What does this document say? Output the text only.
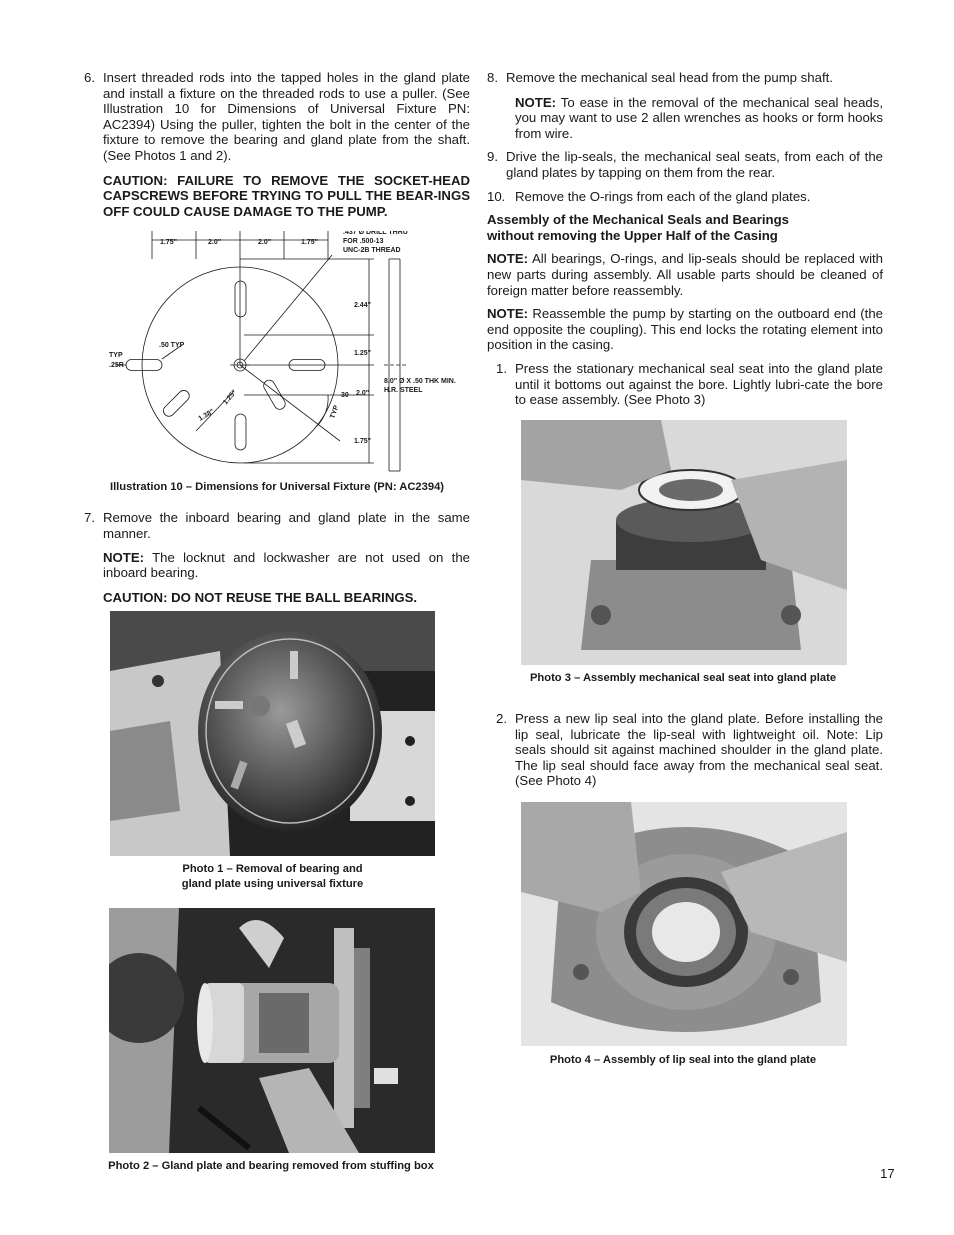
6. Insert threaded rods into the tapped holes in the gland plate and install a fixture on the threaded rods to use a puller. (See Illustration 10 for Dimensions of Universal Fixture PN: AC2394) Using the puller, tighten the bolt in the center of the fixture to remove the bearing and gland plate from the shaft. (See Photos 1 and 2).

CAUTION: FAILURE TO REMOVE THE SOCKET-HEAD CAPSCREWS BEFORE TRYING TO PULL THE BEAR-INGS OFF COULD CAUSE DAMAGE TO THE PUMP.

1.75"	2.0"	2.0"	1.75"
.437 Ø DRILL THRU
FOR .500-13
UNC-2B THREAD
2.44"
1.25"
2.0"
1.75"
.50 TYP
TYP
.25R
8.0" Ø X .50 THK MIN.
H.R. STEEL
30
TYP
1.38"
1.25"

Illustration 10 – Dimensions for Universal Fixture (PN: AC2394)

7. Remove the inboard bearing and gland plate in the same manner.

NOTE: The locknut and lockwasher are not used on the inboard bearing.

CAUTION: DO NOT REUSE THE BALL BEARINGS.

Photo 1 – Removal of bearing and

gland plate using universal fixture

Photo 2 – Gland plate and bearing removed from stuffing box

8. Remove the mechanical seal head from the pump shaft.

NOTE: To ease in the removal of the mechanical seal heads, you may want to use 2 allen wrenches as hooks or form hooks from wire.

9. Drive the lip-seals, the mechanical seal seats, from each of the gland plates by tapping on them from the rear.

10. Remove the O-rings from each of the gland plates.

Assembly of the Mechanical Seals and Bearings
without removing the Upper Half of the Casing

NOTE: All bearings, O-rings, and lip-seals should be replaced with new parts during assembly. All usable parts should be cleaned of foreign matter before reassembly.

NOTE: Reassemble the pump by starting on the outboard end (the end opposite the coupling). This end locks the rotating element into position in the casing.

1. Press the stationary mechanical seal seat into the gland plate until it bottoms out against the bore. Lightly lubri-cate the bore to ease assembly. (See Photo 3)

Photo 3 – Assembly mechanical seal seat into gland plate

2. Press a new lip seal into the gland plate. Before installing the lip seal, lubricate the lip-seal with lightweight oil. Note: Lip seals should sit against machined shoulder in the gland plate. The lip seal should face away from the mechanical seal seat. (See Photo 4)

Photo 4 – Assembly of lip seal into the gland plate

17
